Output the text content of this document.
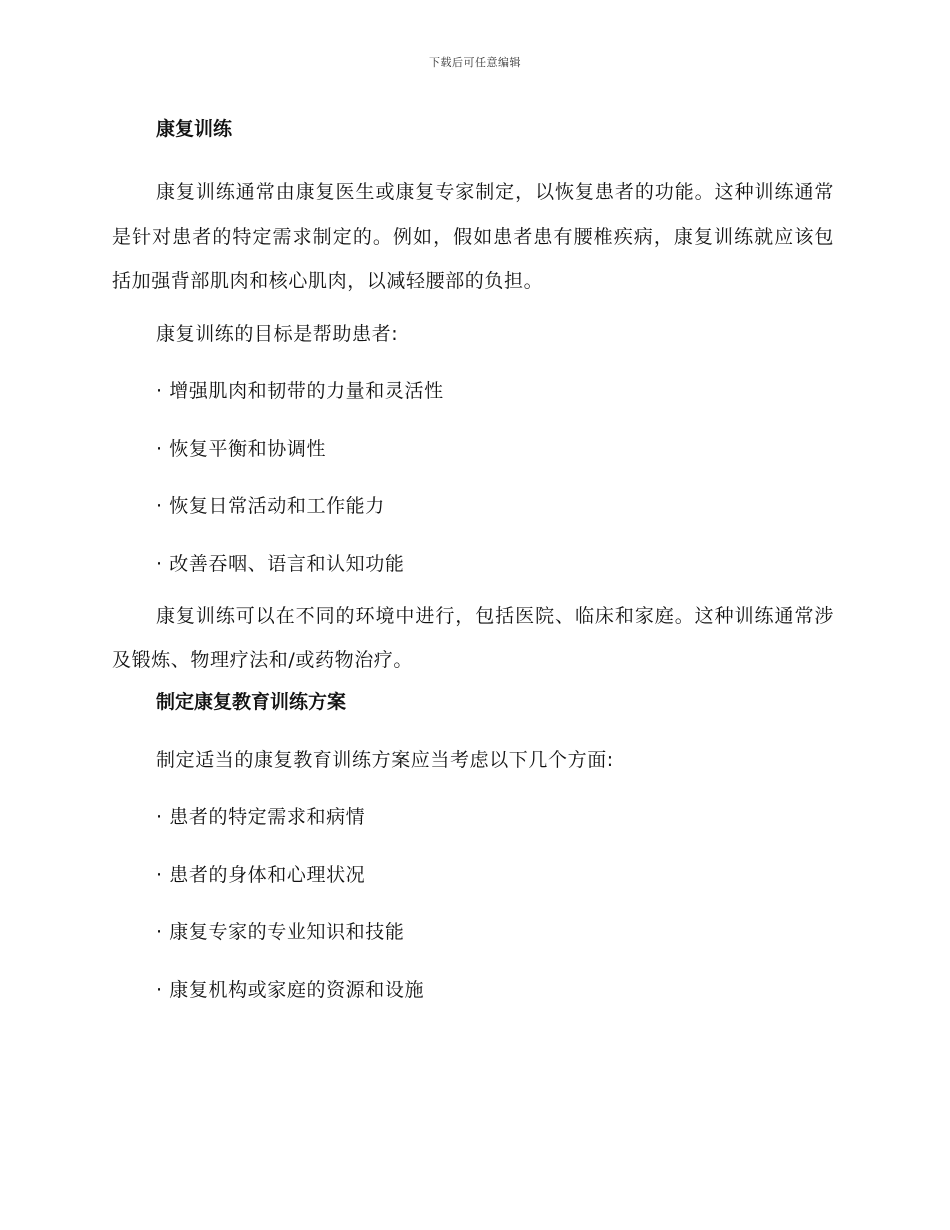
下载后可任意编辑
康复训练
康复训练通常由康复医生或康复专家制定，以恢复患者的功能。这种训练通常是针对患者的特定需求制定的。例如，假如患者患有腰椎疾病，康复训练就应该包括加强背部肌肉和核心肌肉，以减轻腰部的负担。
康复训练的目标是帮助患者:
· 增强肌肉和韧带的力量和灵活性
· 恢复平衡和协调性
· 恢复日常活动和工作能力
· 改善吞咽、语言和认知功能
康复训练可以在不同的环境中进行，包括医院、临床和家庭。这种训练通常涉及锻炼、物理疗法和/或药物治疗。
制定康复教育训练方案
制定适当的康复教育训练方案应当考虑以下几个方面:
· 患者的特定需求和病情
· 患者的身体和心理状况
· 康复专家的专业知识和技能
· 康复机构或家庭的资源和设施
